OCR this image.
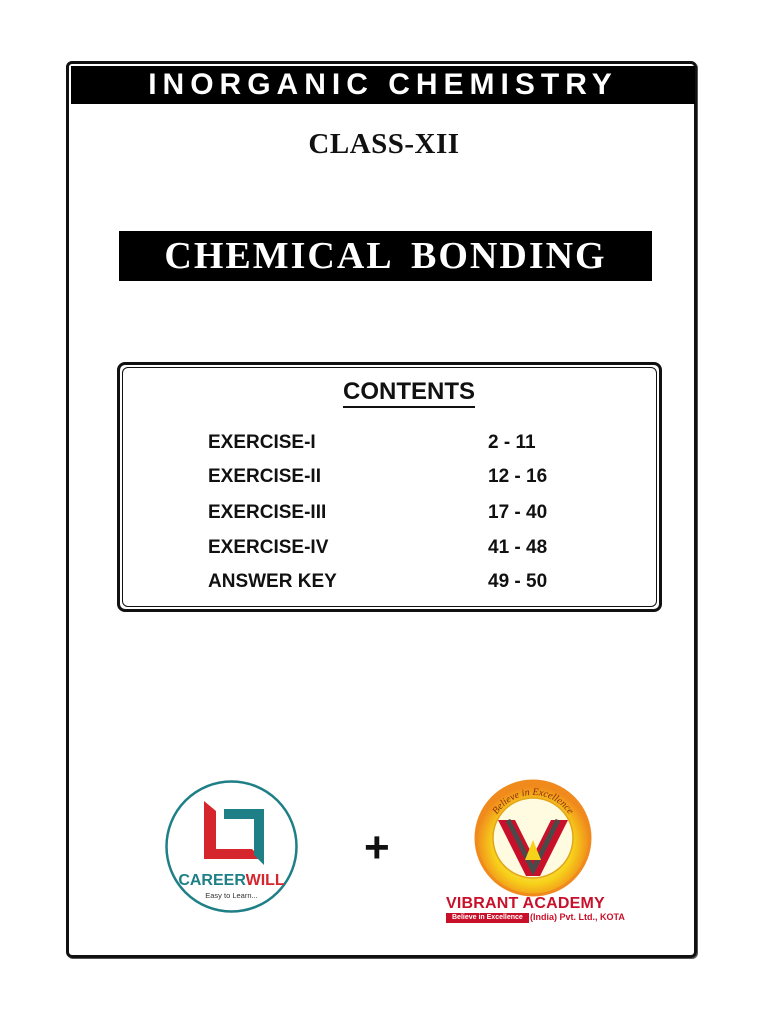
INORGANIC CHEMISTRY
CLASS-XII
CHEMICAL BONDING
CONTENTS
EXERCISE-I	2 - 11
EXERCISE-II	12 - 16
EXERCISE-III	17 - 40
EXERCISE-IV	41 - 48
ANSWER KEY	49 - 50
CAREERWILL
Easy to Learn...
+
Believe in Excellence
VIBRANT ACADEMY
Believe in Excellence (India) Pvt. Ltd., KOTA
